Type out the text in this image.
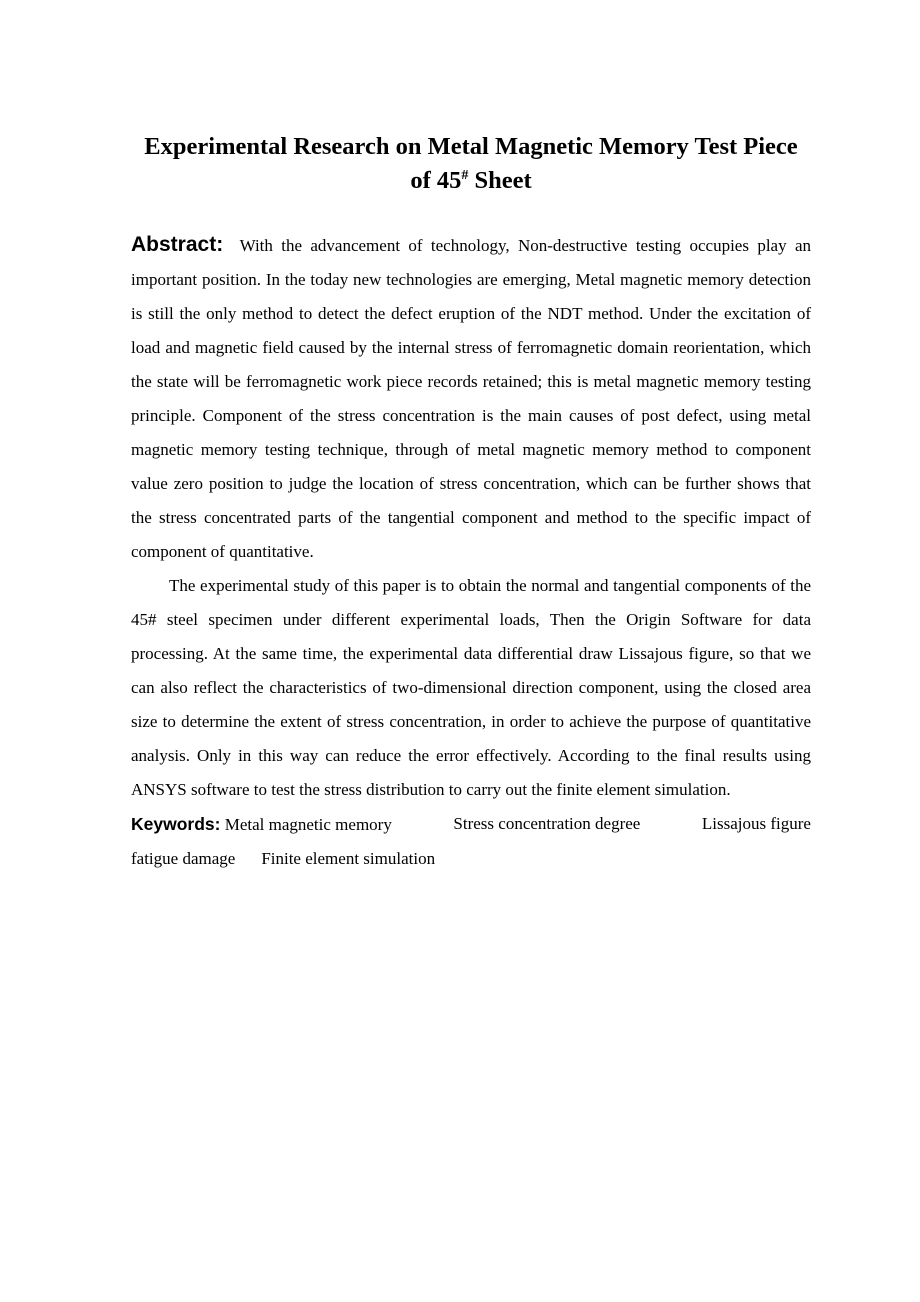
Experimental Research on Metal Magnetic Memory Test Piece
of 45# Sheet

Abstract: With the advancement of technology, Non-destructive testing occupies play an important position. In the today new technologies are emerging, Metal magnetic memory detection is still the only method to detect the defect eruption of the NDT method. Under the excitation of load and magnetic field caused by the internal stress of ferromagnetic domain reorientation, which the state will be ferromagnetic work piece records retained; this is metal magnetic memory testing principle. Component of the stress concentration is the main causes of post defect, using metal magnetic memory testing technique, through of metal magnetic memory method to component value zero position to judge the location of stress concentration, which can be further shows that the stress concentrated parts of the tangential component and method to the specific impact of component of quantitative.

The experimental study of this paper is to obtain the normal and tangential components of the 45# steel specimen under different experimental loads, Then the Origin Software for data processing. At the same time, the experimental data differential draw Lissajous figure, so that we can also reflect the characteristics of two-dimensional direction component, using the closed area size to determine the extent of stress concentration, in order to achieve the purpose of quantitative analysis. Only in this way can reduce the error effectively. According to the final results using ANSYS software to test the stress distribution to carry out the finite element simulation.

Keywords: Metal magnetic memory	Stress concentration degree	Lissajous figure
fatigue damage Finite element simulation
